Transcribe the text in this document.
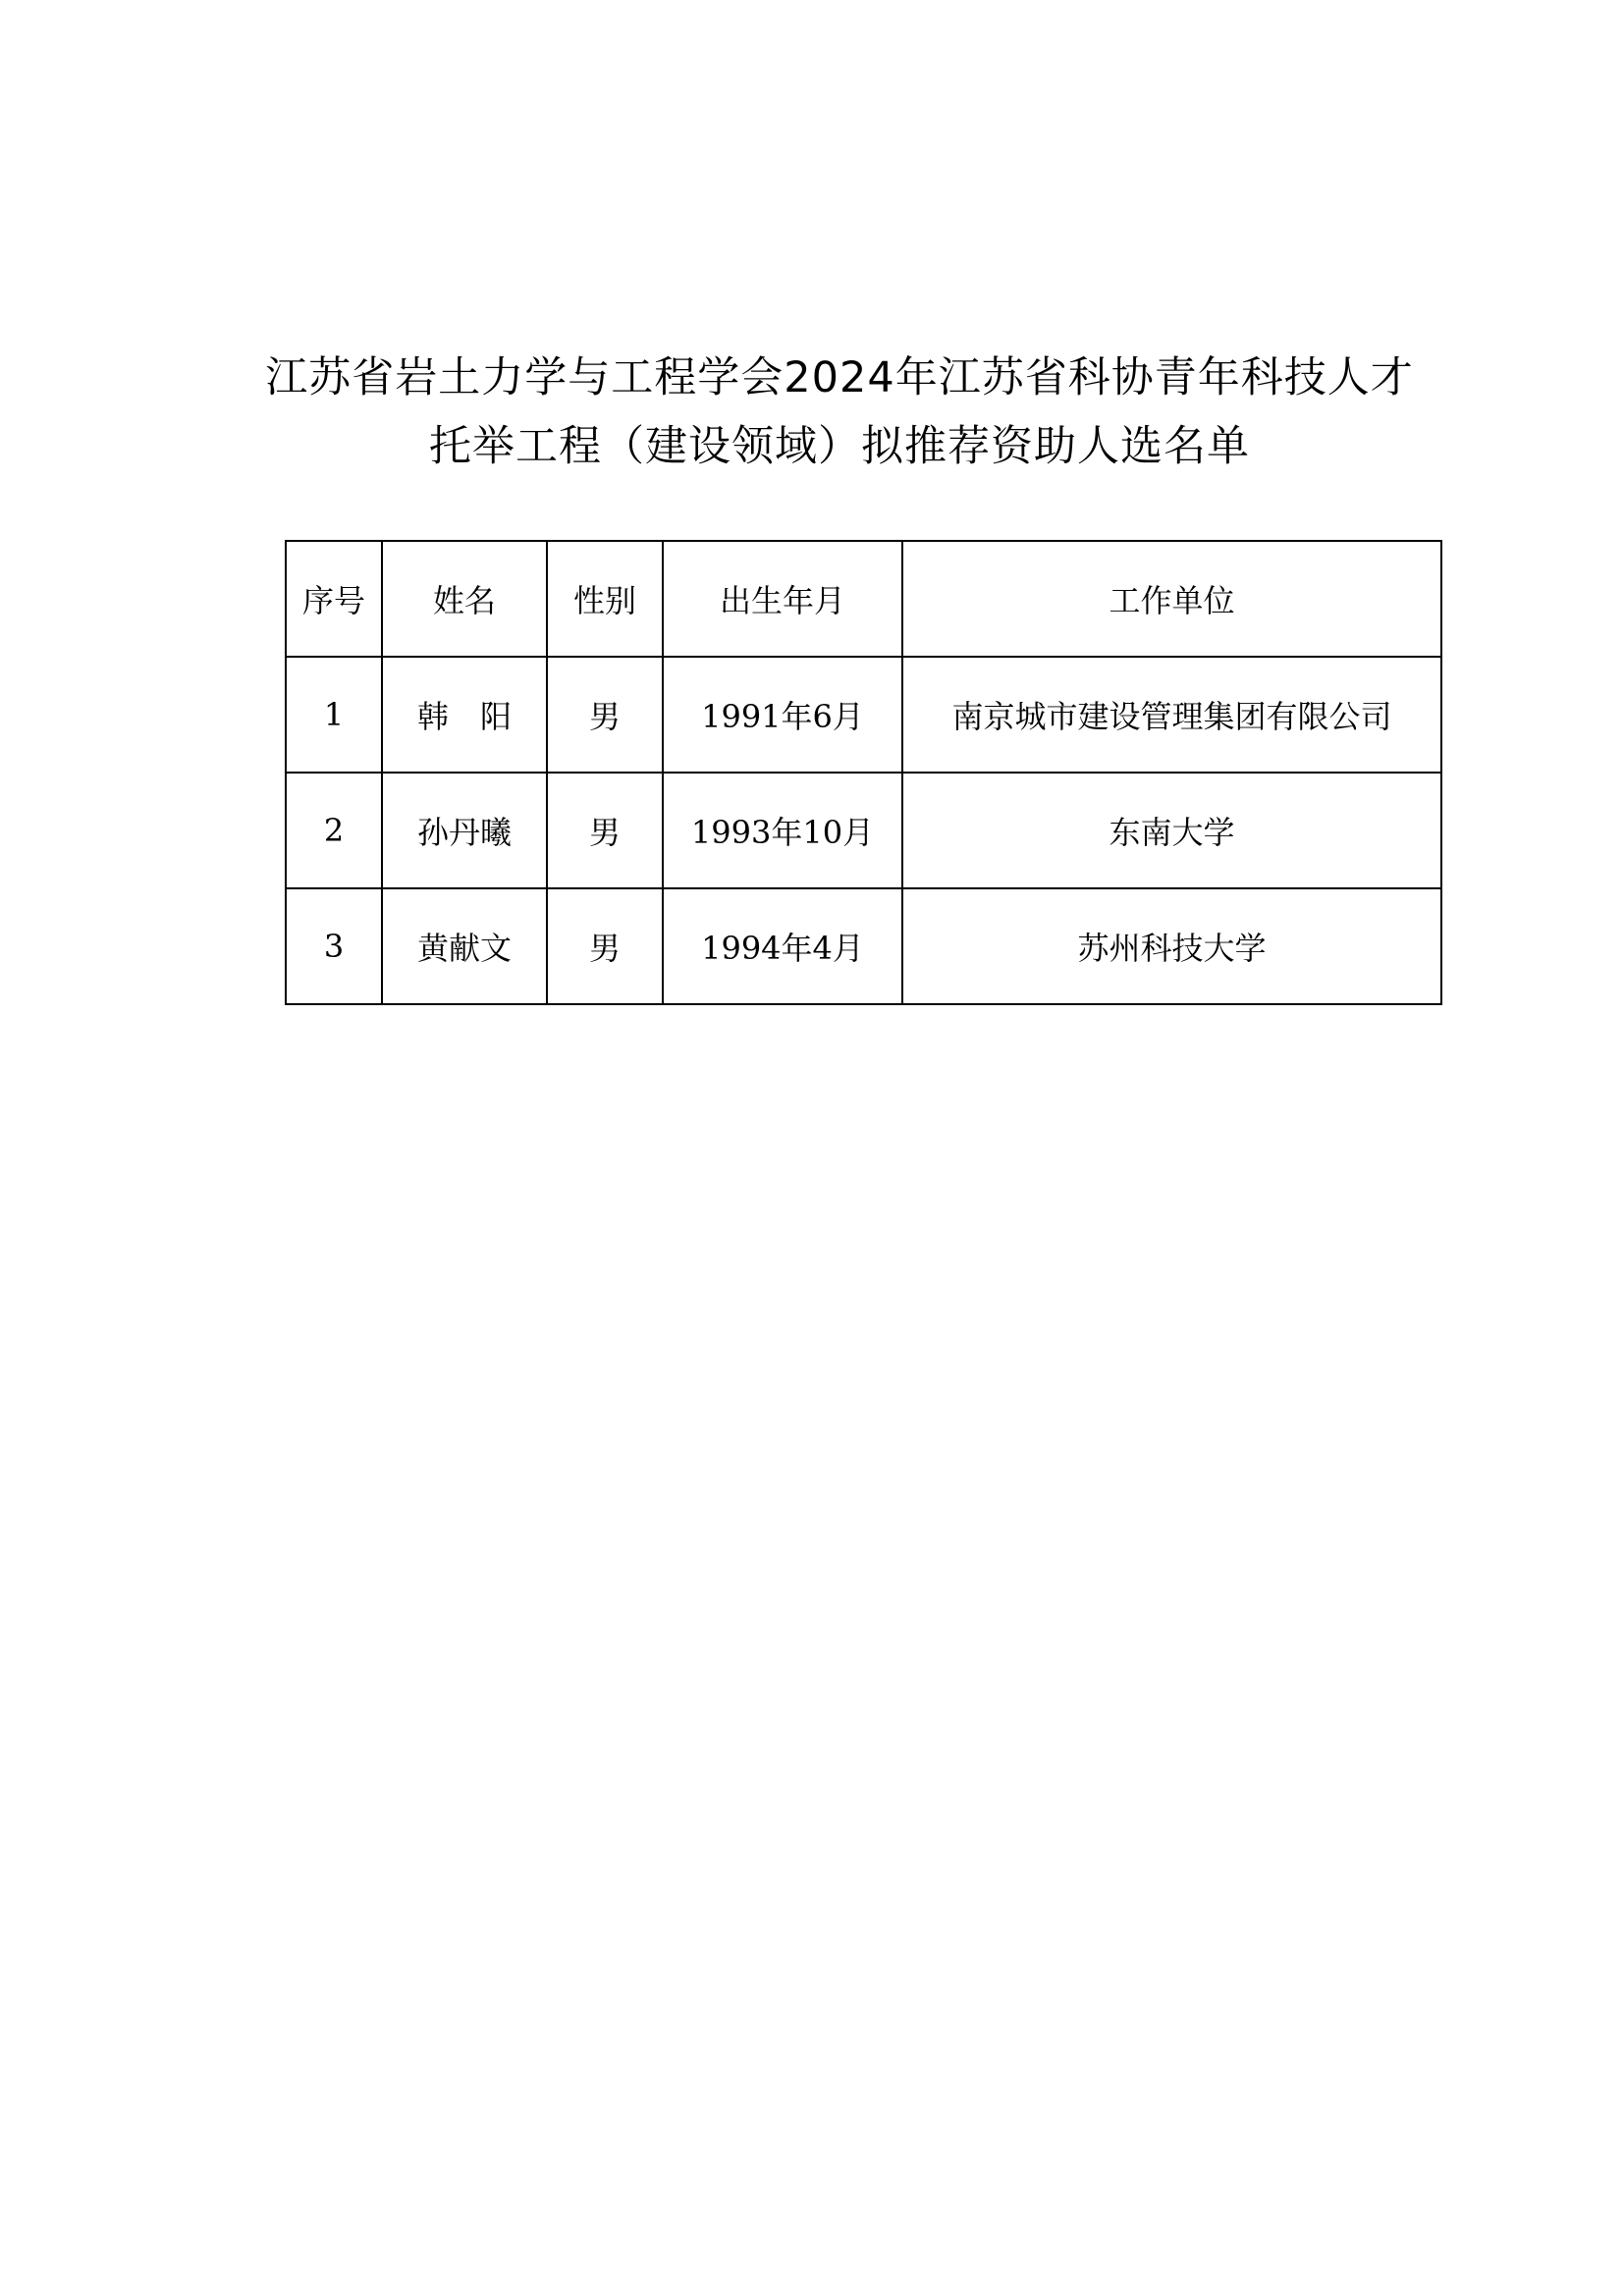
江苏省岩土力学与工程学会2024年江苏省科协青年科技人才
托举工程（建设领域）拟推荐资助人选名单
序号	姓名	性别	出生年月	工作单位
1	韩　阳	男	1991年6月	南京城市建设管理集团有限公司
2	孙丹曦	男	1993年10月	东南大学
3	黄献文	男	1994年4月	苏州科技大学
